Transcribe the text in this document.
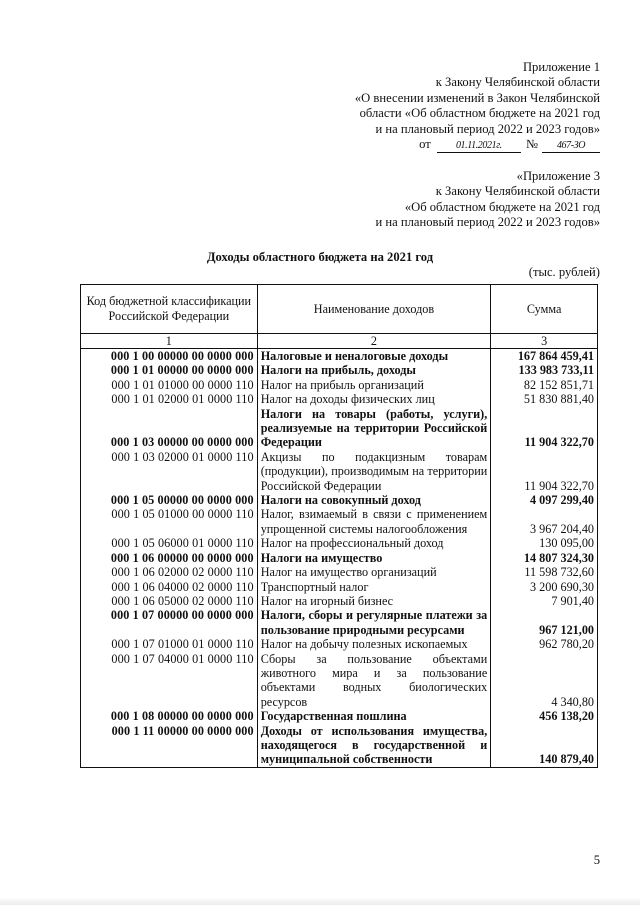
Приложение 1
к Закону Челябинской области
«О внесении изменений в Закон Челябинской
области «Об областном бюджете на 2021 год
и на плановый период 2022 и 2023 годов»
от	01.11.2021г. № 467-ЗО
«Приложение 3
к Закону Челябинской области
«Об областном бюджете на 2021 год
и на плановый период 2022 и 2023 годов»
Доходы областного бюджета на 2021 год
(тыс. рублей)
Код бюджетной классификации Российской Федерации	Наименование доходов	Сумма
1	2	3
000 1 00 00000 00 0000 000	Налоговые и неналоговые доходы	167 864 459,41
000 1 01 00000 00 0000 000	Налоги на прибыль, доходы	133 983 733,11
000 1 01 01000 00 0000 110	Налог на прибыль организаций	82 152 851,71
000 1 01 02000 01 0000 110	Налог на доходы физических лиц	51 830 881,40
000 1 03 00000 00 0000 000	Налоги на товары (работы, услуги), реализуемые на территории Российской Федерации	11 904 322,70
000 1 03 02000 01 0000 110	Акцизы по подакцизным товарам (продукции), производимым на территории Российской Федерации	11 904 322,70
000 1 05 00000 00 0000 000	Налоги на совокупный доход	4 097 299,40
000 1 05 01000 00 0000 110	Налог, взимаемый в связи с применением упрощенной системы налогообложения	3 967 204,40
000 1 05 06000 01 0000 110	Налог на профессиональный доход	130 095,00
000 1 06 00000 00 0000 000	Налоги на имущество	14 807 324,30
000 1 06 02000 02 0000 110	Налог на имущество организаций	11 598 732,60
000 1 06 04000 02 0000 110	Транспортный налог	3 200 690,30
000 1 06 05000 02 0000 110	Налог на игорный бизнес	7 901,40
000 1 07 00000 00 0000 000	Налоги, сборы и регулярные платежи за пользование природными ресурсами	967 121,00
000 1 07 01000 01 0000 110	Налог на добычу полезных ископаемых	962 780,20
000 1 07 04000 01 0000 110	Сборы за пользование объектами животного мира и за пользование объектами водных биологических ресурсов	4 340,80
000 1 08 00000 00 0000 000	Государственная пошлина	456 138,20
000 1 11 00000 00 0000 000	Доходы от использования имущества, находящегося в государственной и муниципальной собственности	140 879,40
5
